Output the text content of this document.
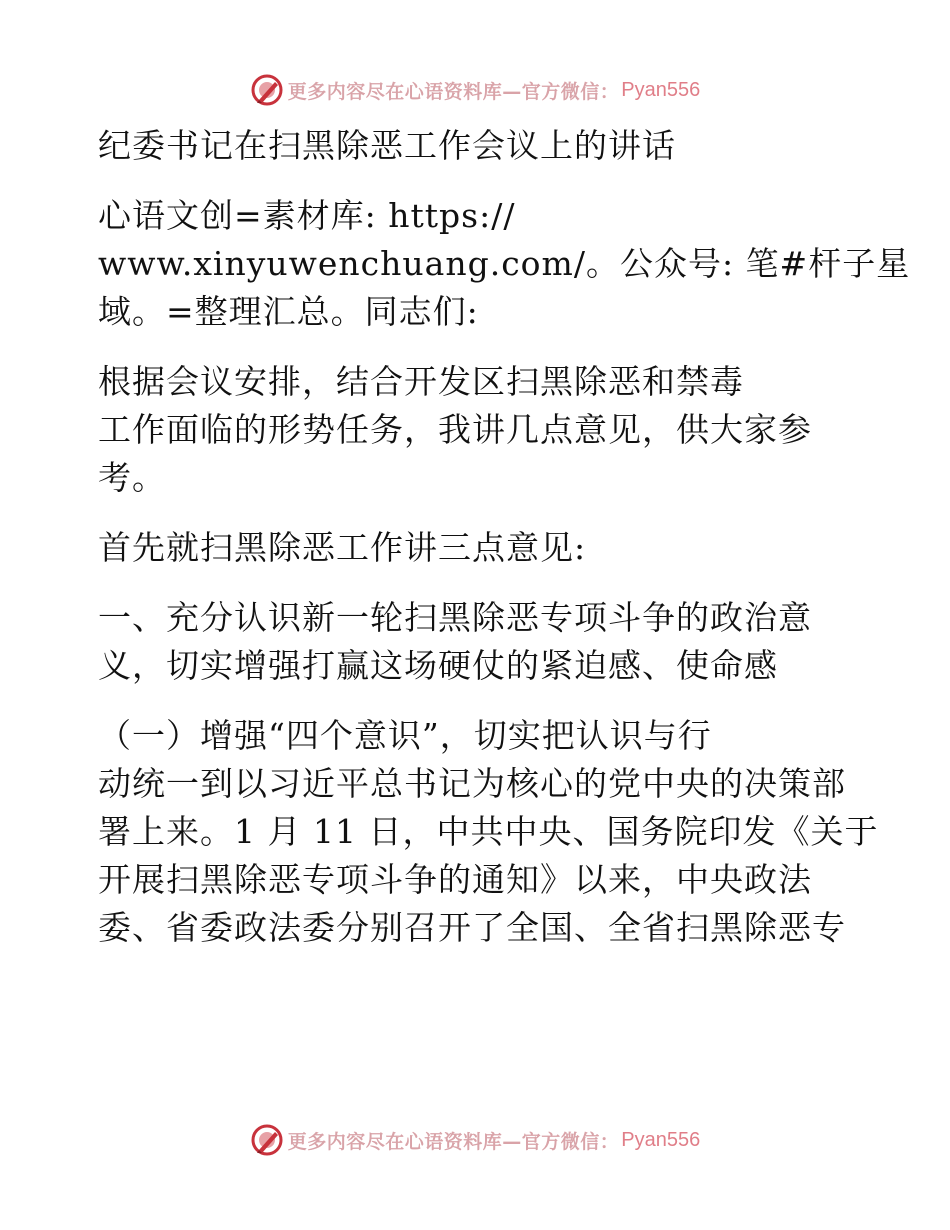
更多内容尽在心语资料库—官方微信： Pyan556
纪委书记在扫黑除恶工作会议上的讲话
心语文创=素材库: https://
www.xinyuwenchuang.com/。公众号: 笔#杆子星
域。=整理汇总。同志们:
根据会议安排，结合开发区扫黑除恶和禁毒
工作面临的形势任务，我讲几点意见，供大家参
考。
首先就扫黑除恶工作讲三点意见:
一、充分认识新一轮扫黑除恶专项斗争的政治意
义，切实增强打赢这场硬仗的紧迫感、使命感
（一）增强“四个意识”，切实把认识与行
动统一到以习近平总书记为核心的党中央的决策部
署上来。1 月 11 日，中共中央、国务院印发《关于
开展扫黑除恶专项斗争的通知》以来，中央政法
委、省委政法委分别召开了全国、全省扫黑除恶专
更多内容尽在心语资料库—官方微信： Pyan556
